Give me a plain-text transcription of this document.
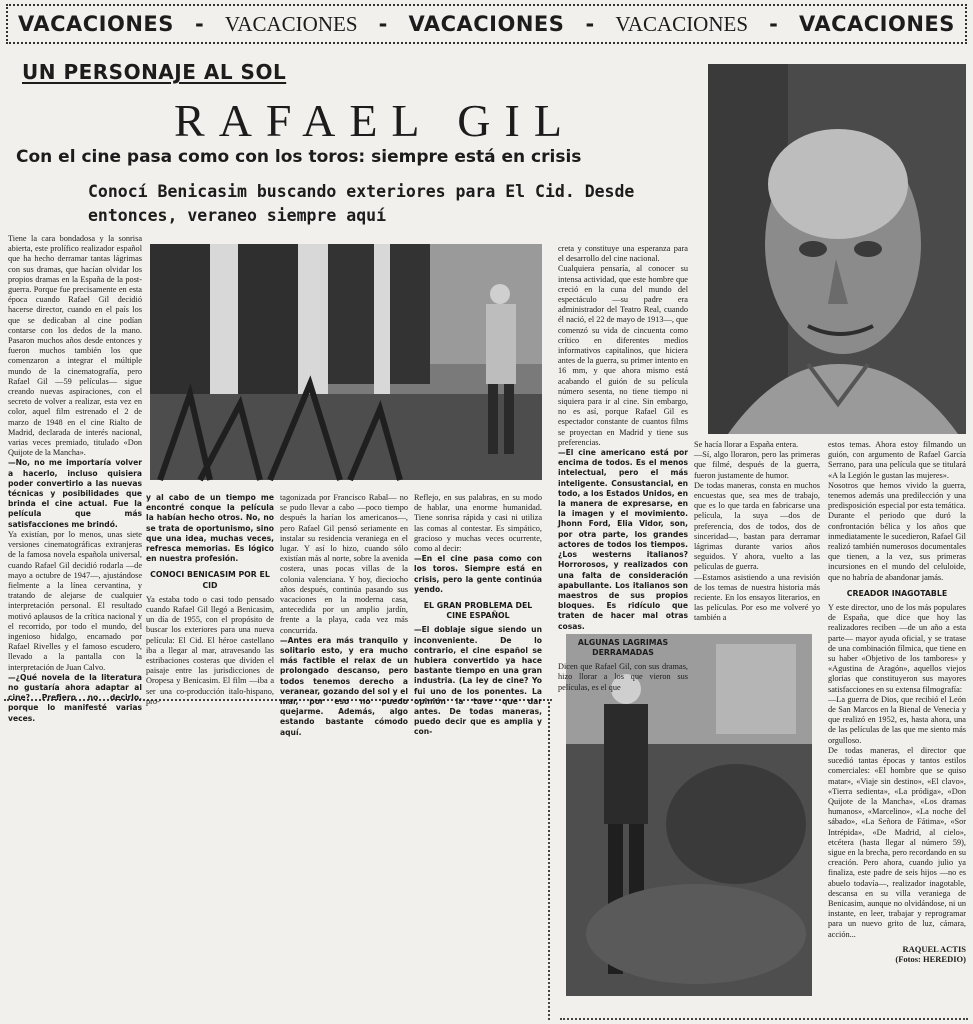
VACACIONES - VACACIONES - VACACIONES - VACACIONES - VACACIONES
UN PERSONAJE AL SOL
RAFAEL GIL
Con el cine pasa como con los toros: siempre está en crisis
Conocí Benicasim buscando exteriores para El Cid. Desde entonces, veraneo siempre aquí
Tiene la cara bondadosa y la sonrisa abierta, este prolífico realizador español que ha hecho derramar tantas lágrimas con sus dramas, que hacían olvidar los propios dramas en la España de la post-guerra. Porque fue precisamente en esta época cuando Rafael Gil decidió hacerse director, cuando en el país los que se dedicaban al cine podían contarse con los dedos de la mano. Pasaron muchos años desde entonces y fueron muchos también los que comenzaron a integrar el múltiple mundo de la cinematografía, pero Rafael Gil —59 películas— sigue creando nuevas aspiraciones, con el secreto de volver a realizar, esta vez en color, aquel film estrenado el 2 de marzo de 1948 en el cine Rialto de Madrid, declarada de interés nacional, varias veces premiado, titulado «Don Quijote de la Mancha».
—No, no me importaría volver a hacerlo, incluso quisiera poder convertirlo a las nuevas técnicas y posibilidades que brinda el cine actual. Fue la película que más satisfacciones me brindó.
Ya existían, por lo menos, unas siete versiones cinematográficas extranjeras de la famosa novela española universal, cuando Rafael Gil decidió rodarla —de mayo a octubre de 1947—, ajustándose fielmente a la línea cervantina, y tratando de alejarse de cualquier interpretación personal. El resultado motivó aplausos de la crítica nacional y el recorrido, por todo el mundo, del ingenioso hidalgo, encarnado por Rafael Rivelles y el famoso escudero, llevado a la pantalla con la interpretación de Juan Calvo.
—¿Qué novela de la literatura no gustaría ahora adaptar al cine? Prefiero no decirlo, porque lo manifesté varias veces.
y al cabo de un tiempo me encontré conque la película la habían hecho otros. No, no se trata de oportunismo, sino que una idea, muchas veces, refresca memorias. Es lógico en nuestra profesión.
CONOCI BENICASIM POR EL CID
Ya estaba todo o casi todo pensado cuando Rafael Gil llegó a Benicasim, un día de 1955, con el propósito de buscar los exteriores para una nueva película: El Cid. El héroe castellano iba a llegar al mar, atravesando las estribaciones costeras que dividen el paisaje entre las jurisdicciones de Oropesa y Benicasim. El film —iba a ser una co-producción italo-hispano, pro-
tagonizada por Francisco Rabal— no se pudo llevar a cabo —poco tiempo después la harían los americanos—, pero Rafael Gil pensó seriamente en instalar su residencia veraniega en el lugar. Y así lo hizo, cuando sólo existían más al norte, sobre la avenida costera, unas pocas villas de la colonia valenciana. Y hoy, dieciocho años después, continúa pasando sus vacaciones en la moderna casa, antecedida por un amplio jardín, frente a la playa, cada vez más concurrida.
—Antes era más tranquilo y solitario esto, y era mucho más factible el relax de un prolongado descanso, pero todos tenemos derecho a veranear, gozando del sol y el mar, por eso no puedo quejarme. Además, algo estando bastante cómodo aquí.
Reflejo, en sus palabras, en su modo de hablar, una enorme humanidad. Tiene sonrisa rápida y casi ni utiliza las comas al contestar. Es simpático, gracioso y muchas veces ocurrente, como al decir:
—En el cine pasa como con los toros. Siempre está en crisis, pero la gente continúa yendo.
EL GRAN PROBLEMA DEL CINE ESPAÑOL
—El doblaje sigue siendo un inconveniente. De lo contrario, el cine español se hubiera convertido ya hace bastante tiempo en una gran industria. (La ley de cine? Yo fui uno de los ponentes. La opinión la tuve que dar antes. De todas maneras, puedo decir que es amplia y con-
creta y constituye una esperanza para el desarrollo del cine nacional.
Cualquiera pensaría, al conocer su intensa actividad, que este hombre que creció en la cuna del mundo del espectáculo —su padre era administrador del Teatro Real, cuando él nació, el 22 de mayo de 1913—, que comenzó su vida de cincuenta como crítico en diferentes medios informativos capitalinos, que hiciera antes de la guerra, su primer intento en 16 mm, y que ahora mismo está acabando el guión de su película número sesenta, no tiene tiempo ni siquiera para ir al cine. Sin embargo, no es así, porque Rafael Gil es espectador constante de cuantos films se proyectan en Madrid y tiene sus preferencias.
—El cine americano está por encima de todos. Es el menos intelectual, pero el más inteligente. Consustancial, en todo, a los Estados Unidos, en la manera de expresarse, en la imagen y el movimiento. Jhonn Ford, Elia Vidor, son, por otra parte, los grandes actores de todos los tiempos. ¿Los westerns italianos? Horrorosos, y realizados con una falta de consideración apabullante. Los italianos son maestros de sus propios bloques. Es ridículo que traten de hacer mal otras cosas.
ALGUNAS LAGRIMAS DERRAMADAS
Dicen que Rafael Gil, con sus dramas, hizo llorar a los que vieron sus películas, es el que
Se hacía llorar a España entera.
—Sí, algo lloraron, pero las primeras que filmé, después de la guerra, fueron justamente de humor.
De todas maneras, consta en muchos encuestas que, sea mes de trabajo, que es lo que tarda en fabricarse una película, la suya —dos de preferencia, dos de todos, dos de sinceridad—, bastan para derramar lágrimas durante varios años seguidos. Y ahora, vuelto a las películas de guerra.
—Estamos asistiendo a una revisión de los temas de nuestra historia más reciente. En los ensayos literarios, en las películas. Por eso me volveré yo también a
estos temas. Ahora estoy filmando un guión, con argumento de Rafael García Serrano, para una película que se titulará «A la Legión le gustan las mujeres».
Nosotros que hemos vivido la guerra, tenemos además una predilección y una predisposición especial por esta temática.
Durante el periodo que duró la confrontación bélica y los años que inmediatamente le sucedieron, Rafael Gil realizó también numerosos documentales que tienen, a la vez, sus primeras incursiones en el mundo del celuloide, que no habría de abandonar jamás.
CREADOR INAGOTABLE
Y este director, uno de los más populares de España, que dice que hoy las realizadores reciben —de un año a esta parte— mayor ayuda oficial, y se tratase de una combinación fílmica, que tiene en su haber «Objetivo de los tambores» y «Agustina de Aragón», aquellos viejos glorias que constituyeron sus mayores satisfacciones en su extensa filmografía:
—La guerra de Dios, que recibió el León de San Marcos en la Bienal de Venecia y que realizó en 1952, es, hasta ahora, una de las películas de las que me siento más orgulloso.
De todas maneras, el director que sucedió tantas épocas y tantos estilos comerciales: «El hombre que se quiso matar», «Viaje sin destino», «El clavo», «Tierra sedienta», «La pródiga», «Don Quijote de la Mancha», «Los dramas humanos», «Marcelino», «La noche del sábado», «La Señora de Fátima», «Sor Intrépida», «De Madrid, al cielo», etcétera (hasta llegar al número 59), sigue en la brecha, pero recordando en su creación. Pero ahora, cuando julio ya finaliza, este padre de seis hijos —no es abuelo todavía—, realizador inagotable, descansa en su villa veraniega de Benicasim, aunque no olvidándose, ni un instante, en leer, trabajar y reprogramar para un nuevo grito de luz, cámara, acción...
RAQUEL ACTIS
(Fotos: HEREDIO)
